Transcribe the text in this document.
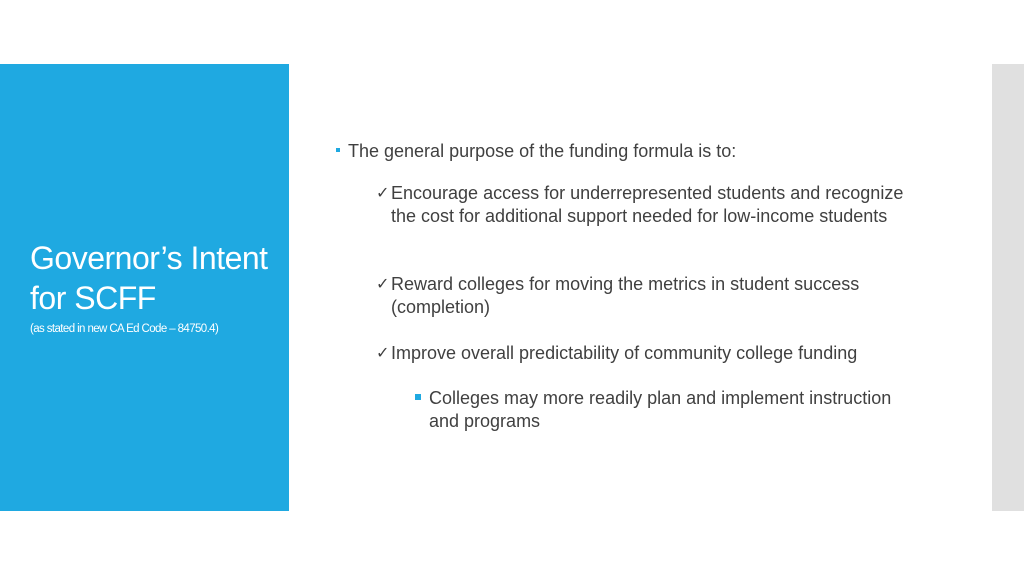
Governor’s Intent for SCFF
(as stated in new CA Ed Code – 84750.4)
The general purpose of the funding formula is to:
✓ Encourage access for underrepresented students and recognize the cost for additional support needed for low-income students
✓ Reward colleges for moving the metrics in student success (completion)
✓ Improve overall predictability of community college funding
Colleges may more readily plan and implement instruction and programs
